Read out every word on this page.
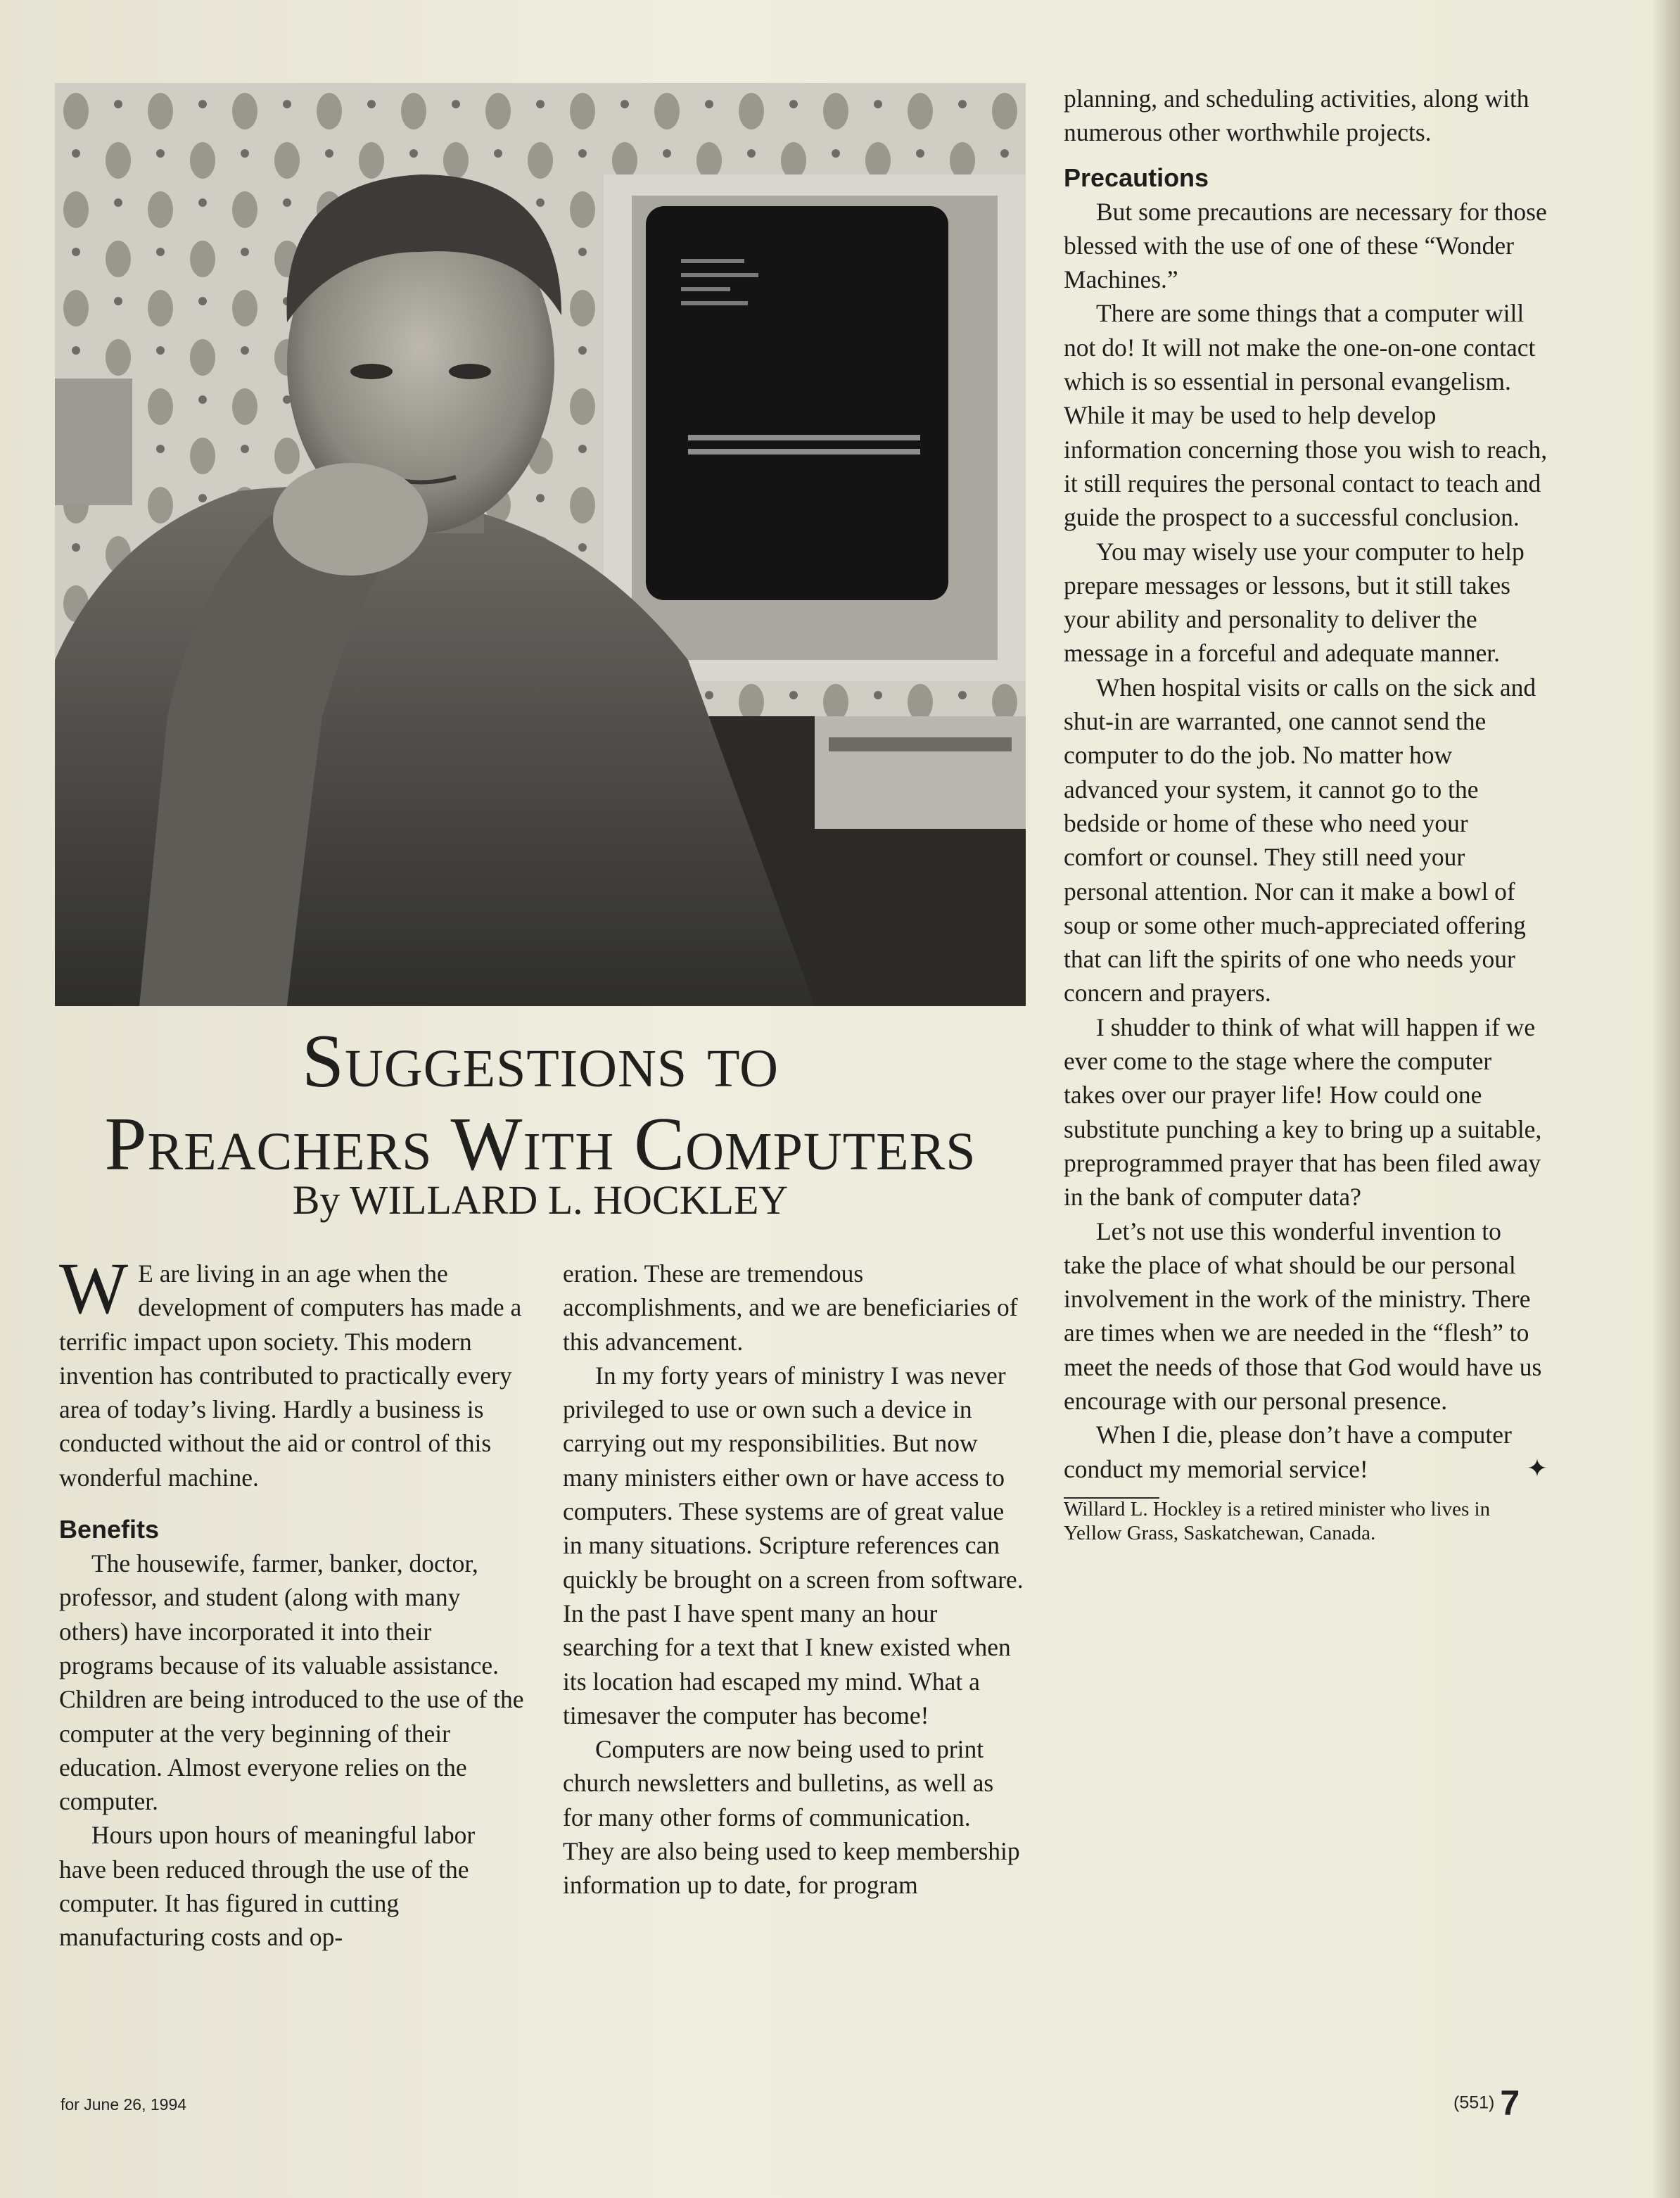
Suggestions to
Preachers With Computers
By WILLARD L. HOCKLEY

W E are living in an age when the development of computers has made a terrific impact upon society. This modern invention has contributed to practically every area of today’s living. Hardly a business is conducted without the aid or control of this wonderful machine.

Benefits

The housewife, farmer, banker, doctor, professor, and student (along with many others) have incorporated it into their programs because of its valuable assistance. Children are being introduced to the use of the computer at the very beginning of their education. Almost everyone relies on the computer.

Hours upon hours of meaningful labor have been reduced through the use of the computer. It has figured in cutting manufacturing costs and op-

eration. These are tremendous accomplishments, and we are beneficiaries of this advancement.

In my forty years of ministry I was never privileged to use or own such a device in carrying out my responsibilities. But now many ministers either own or have access to computers. These systems are of great value in many situations. Scripture references can quickly be brought on a screen from software. In the past I have spent many an hour searching for a text that I knew existed when its location had escaped my mind. What a timesaver the computer has become!

Computers are now being used to print church newsletters and bulletins, as well as for many other forms of communication. They are also being used to keep membership information up to date, for program

planning, and scheduling activities, along with numerous other worthwhile projects.

Precautions

But some precautions are necessary for those blessed with the use of one of these “Wonder Machines.”

There are some things that a computer will not do! It will not make the one-on-one contact which is so essential in personal evangelism. While it may be used to help develop information concerning those you wish to reach, it still requires the personal contact to teach and guide the prospect to a successful conclusion.

You may wisely use your computer to help prepare messages or lessons, but it still takes your ability and personality to deliver the message in a forceful and adequate manner.

When hospital visits or calls on the sick and shut-in are warranted, one cannot send the computer to do the job. No matter how advanced your system, it cannot go to the bedside or home of these who need your comfort or counsel. They still need your personal attention. Nor can it make a bowl of soup or some other much-appreciated offering that can lift the spirits of one who needs your concern and prayers.

I shudder to think of what will happen if we ever come to the stage where the computer takes over our prayer life! How could one substitute punching a key to bring up a suitable, preprogrammed prayer that has been filed away in the bank of computer data?

Let’s not use this wonderful invention to take the place of what should be our personal involvement in the work of the ministry. There are times when we are needed in the “flesh” to meet the needs of those that God would have us encourage with our personal presence.

When I die, please don’t have a computer conduct my memorial service!	✦

Willard L. Hockley is a retired minister who lives in Yellow Grass, Saskatchewan, Canada.
for June 26, 1994	(551) 7
